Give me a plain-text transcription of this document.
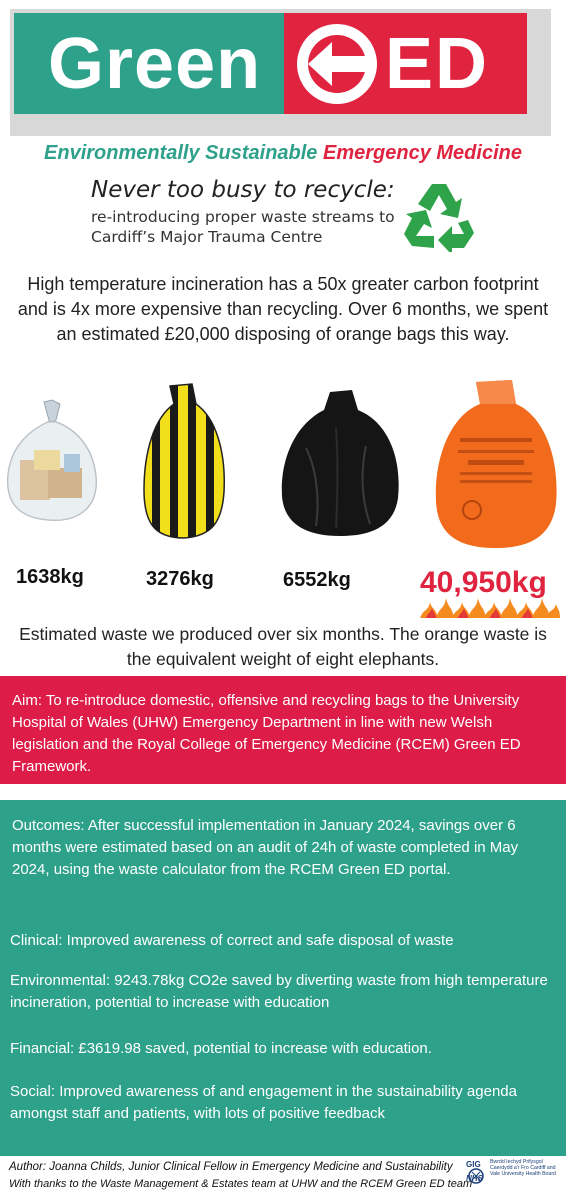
Green ED
Environmentally Sustainable Emergency Medicine
Never too busy to recycle:
re-introducing proper waste streams to Cardiff’s Major Trauma Centre
High temperature incineration has a 50x greater carbon footprint and is 4x more expensive than recycling. Over 6 months, we spent an estimated £20,000 disposing of orange bags this way.
1638kg	3276kg	6552kg 40,950kg
Estimated waste we produced over six months. The orange waste is the equivalent weight of eight elephants.
Aim: To re-introduce domestic, offensive and recycling bags to the University Hospital of Wales (UHW) Emergency Department in line with new Welsh legislation and the Royal College of Emergency Medicine (RCEM) Green ED Framework.
Outcomes: After successful implementation in January 2024, savings over 6 months were estimated based on an audit of 24h of waste completed in May 2024, using the waste calculator from the RCEM Green ED portal.
Clinical: Improved awareness of correct and safe disposal of waste
Environmental: 9243.78kg CO2e saved by diverting waste from high temperature incineration, potential to increase with education
Financial: £3619.98 saved, potential to increase with education.
Social: Improved awareness of and engagement in the sustainability agenda amongst staff and patients, with lots of positive feedback
Author: Joanna Childs, Junior Clinical Fellow in Emergency Medicine and Sustainability
With thanks to the Waste Management & Estates team at UHW and the RCEM Green ED team
GIG
NHS
Bwrdd Iechyd Prifysgol Caerdydd a'r Fro Cardiff and Vale University Health Board
